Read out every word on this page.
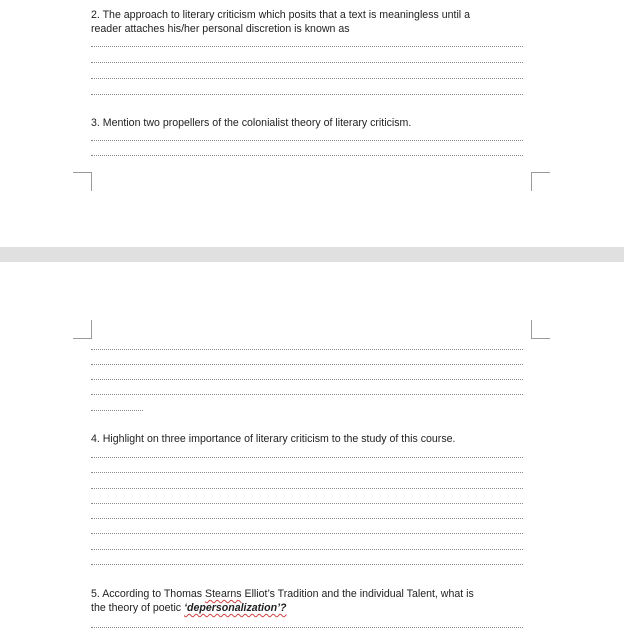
2. The approach to literary criticism which posits that a text is meaningless until a
reader attaches his/her personal discretion is known as
3. Mention two propellers of the colonialist theory of literary criticism.
4. Highlight on three importance of literary criticism to the study of this course.
5. According to Thomas Stearns Elliot’s Tradition and the individual Talent, what is
the theory of poetic ‘depersonalization’?
